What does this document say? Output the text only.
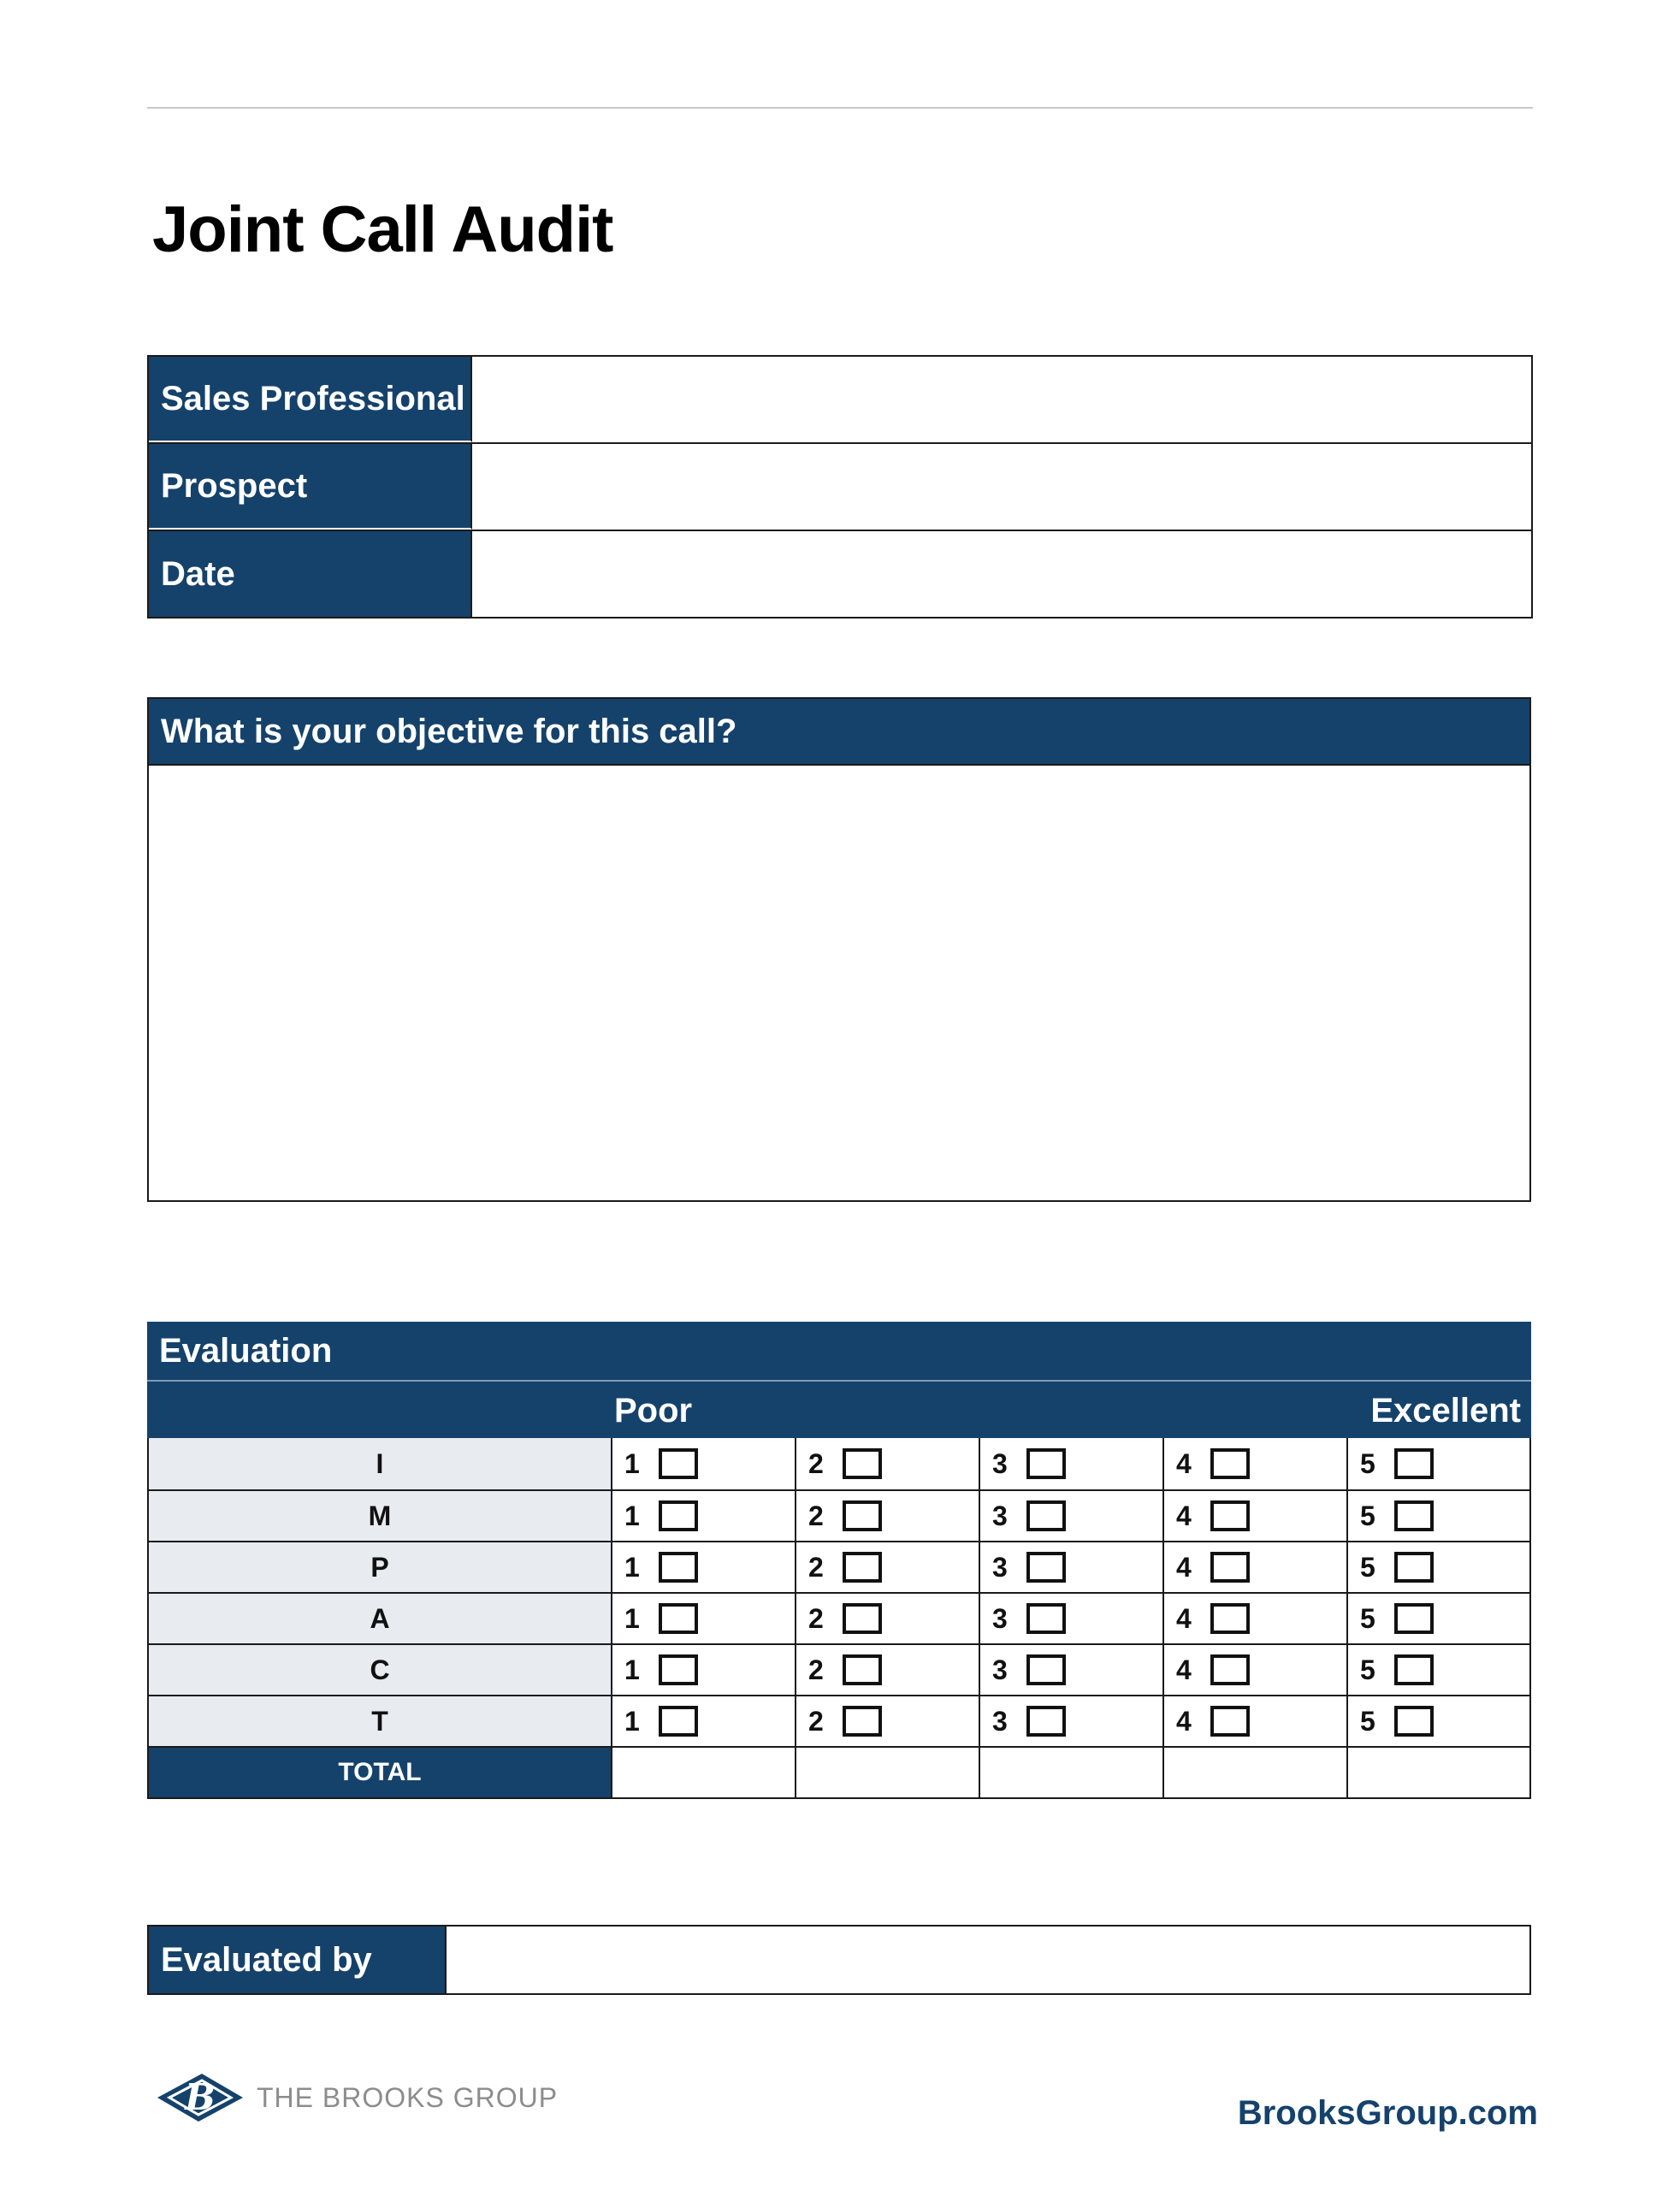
Joint Call Audit
Sales Professional
Prospect
Date
What is your objective for this call?
Evaluation
Poor	Excellent
I	1	2	3	4	5
M	1	2	3	4	5
P	1	2	3	4	5
A	1	2	3	4	5
C	1	2	3	4	5
T	1	2	3	4	5
TOTAL
Evaluated by
B THE BROOKS GROUP	BrooksGroup.com
